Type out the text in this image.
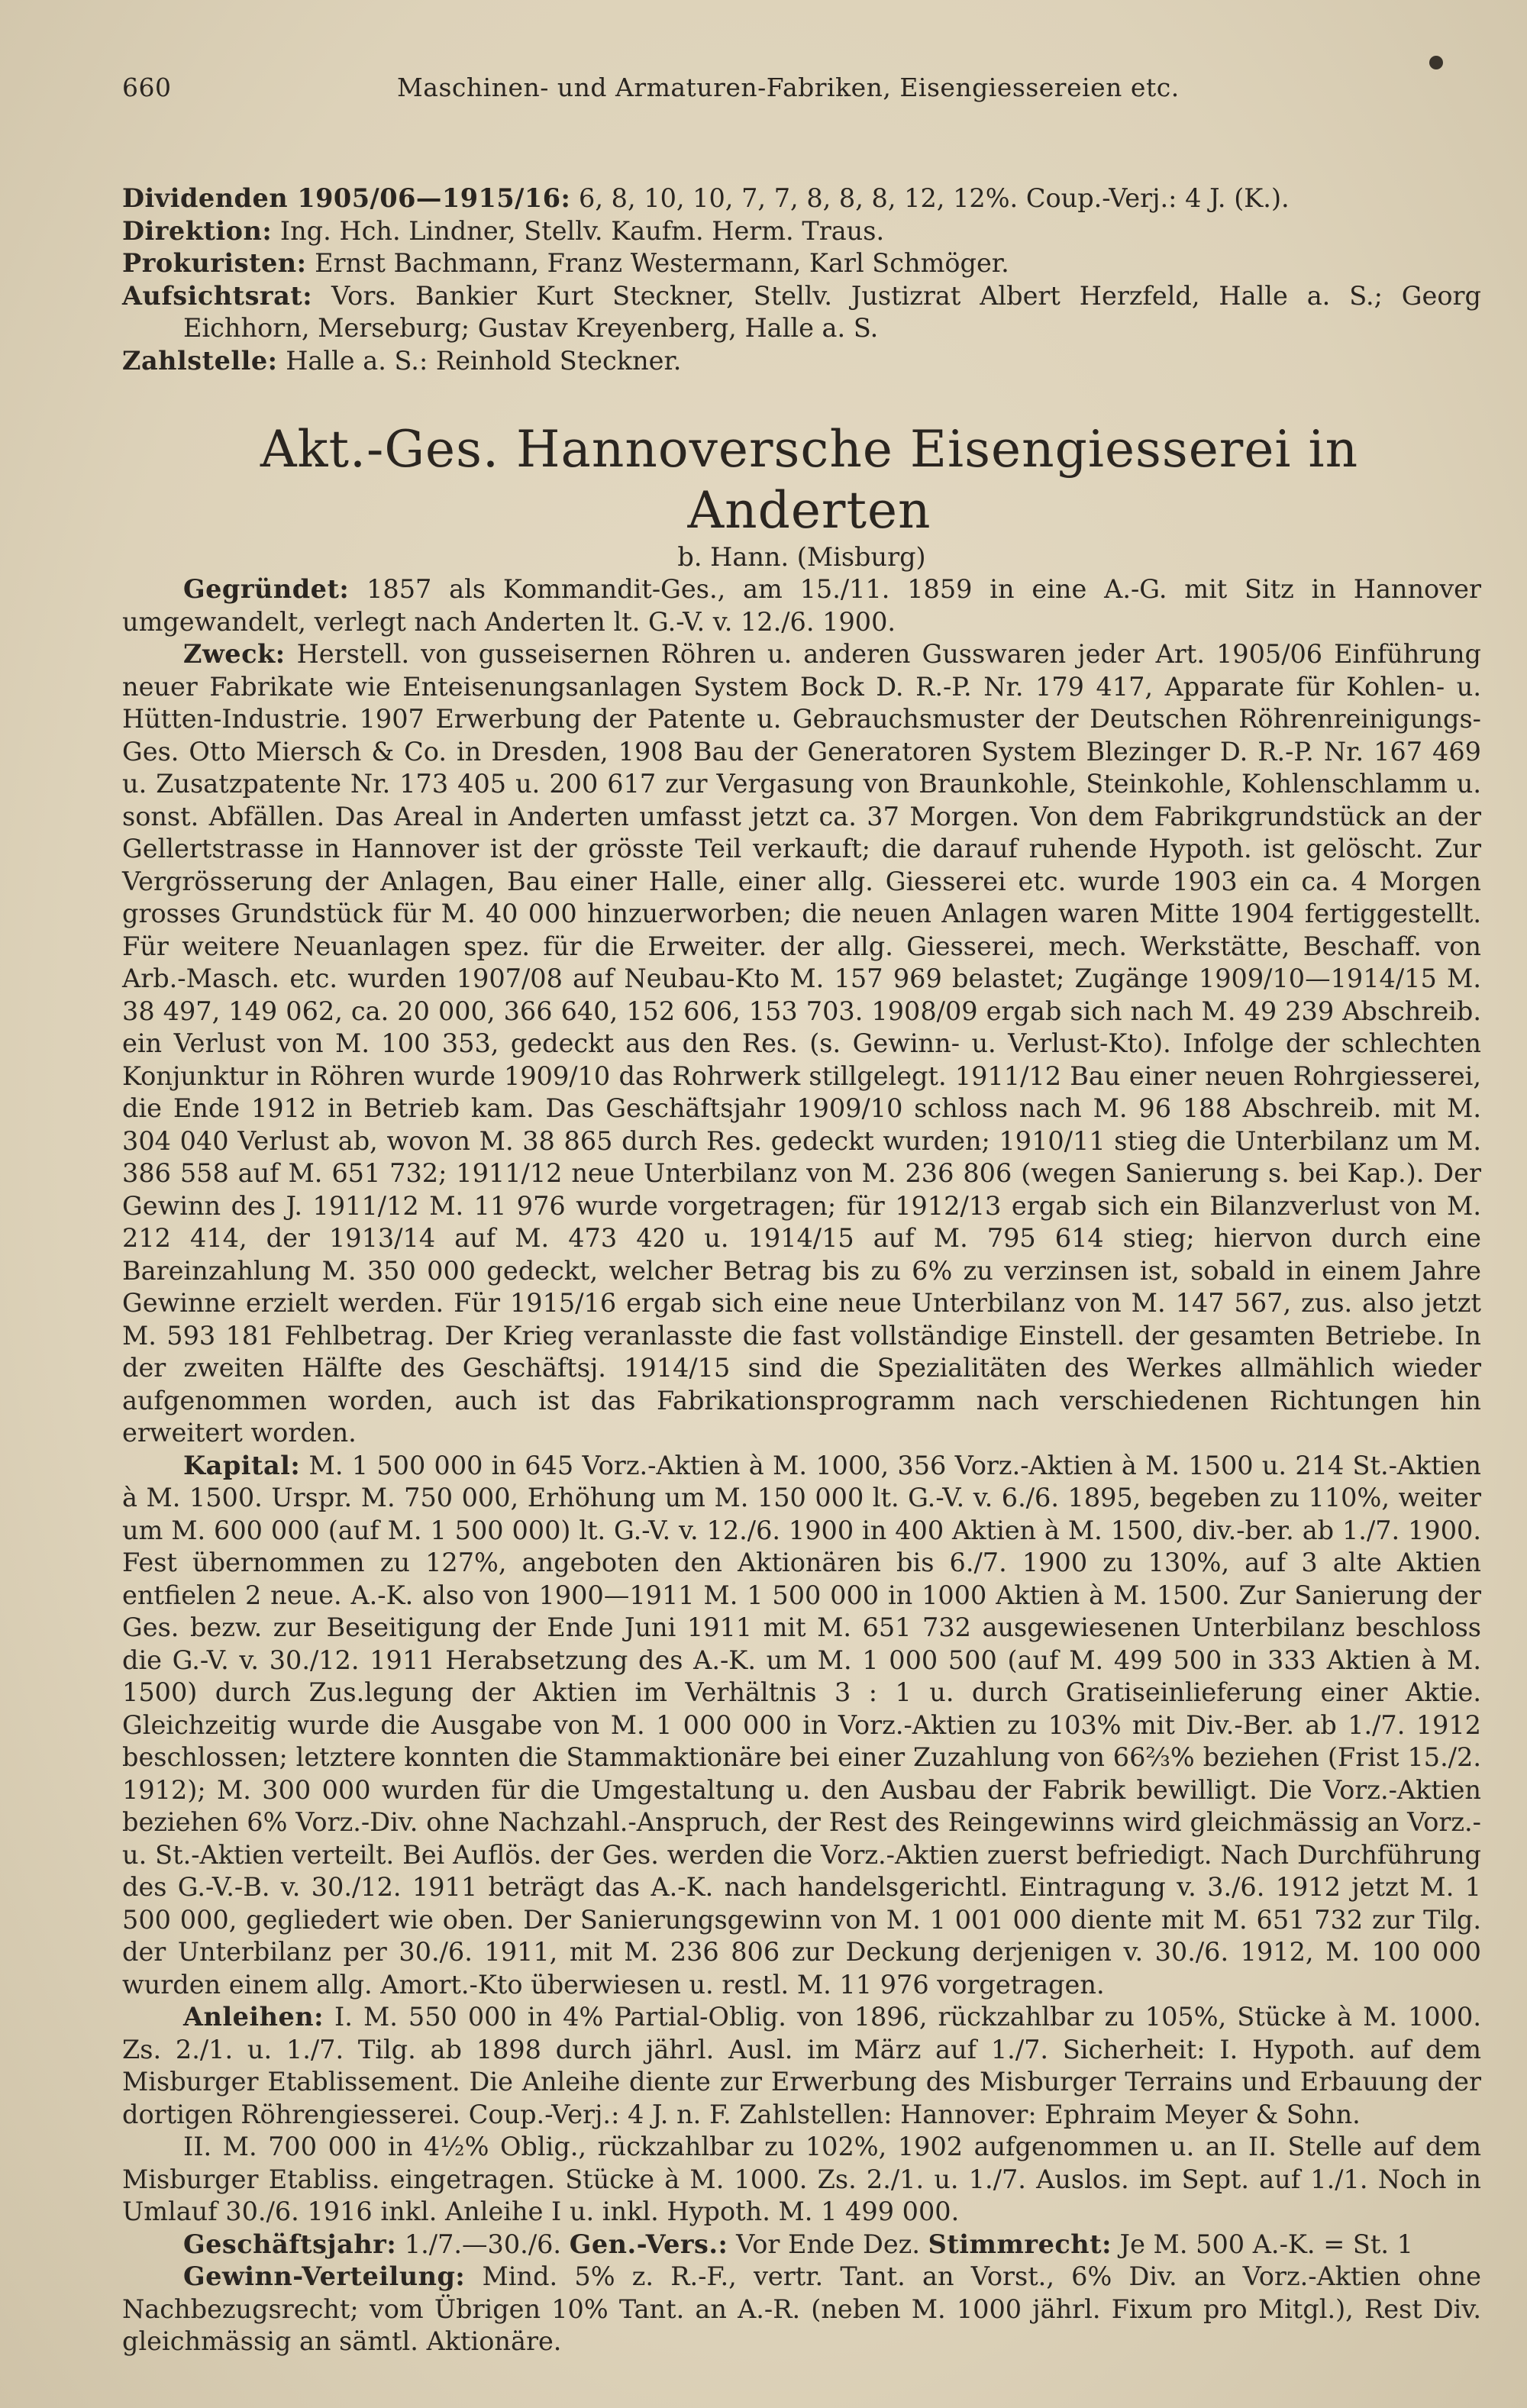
660	Maschinen- und Armaturen-Fabriken, Eisengiessereien etc.

Dividenden 1905/06—1915/16: 6, 8, 10, 10, 7, 7, 8, 8, 8, 12, 12%. Coup.-Verj.: 4 J. (K.).

Direktion: Ing. Hch. Lindner, Stellv. Kaufm. Herm. Traus.

Prokuristen: Ernst Bachmann, Franz Westermann, Karl Schmöger.

Aufsichtsrat: Vors. Bankier Kurt Steckner, Stellv. Justizrat Albert Herzfeld, Halle a. S.; Georg Eichhorn, Merseburg; Gustav Kreyenberg, Halle a. S.

Zahlstelle: Halle a. S.: Reinhold Steckner.

Akt.-Ges. Hannoversche Eisengiesserei in Anderten
b. Hann. (Misburg)

Gegründet: 1857 als Kommandit-Ges., am 15./11. 1859 in eine A.-G. mit Sitz in Hannover umgewandelt, verlegt nach Anderten lt. G.-V. v. 12./6. 1900.

Zweck: Herstell. von gusseisernen Röhren u. anderen Gusswaren jeder Art. 1905/06 Einführung neuer Fabrikate wie Enteisenungsanlagen System Bock D. R.-P. Nr. 179 417, Apparate für Kohlen- u. Hütten-Industrie. 1907 Erwerbung der Patente u. Gebrauchsmuster der Deutschen Röhrenreinigungs-Ges. Otto Miersch & Co. in Dresden, 1908 Bau der Generatoren System Blezinger D. R.-P. Nr. 167 469 u. Zusatzpatente Nr. 173 405 u. 200 617 zur Vergasung von Braunkohle, Steinkohle, Kohlenschlamm u. sonst. Abfällen. Das Areal in Anderten umfasst jetzt ca. 37 Morgen. Von dem Fabrikgrundstück an der Gellertstrasse in Hannover ist der grösste Teil verkauft; die darauf ruhende Hypoth. ist gelöscht. Zur Vergrösserung der Anlagen, Bau einer Halle, einer allg. Giesserei etc. wurde 1903 ein ca. 4 Morgen grosses Grundstück für M. 40 000 hinzuerworben; die neuen Anlagen waren Mitte 1904 fertiggestellt. Für weitere Neuanlagen spez. für die Erweiter. der allg. Giesserei, mech. Werkstätte, Beschaff. von Arb.-Masch. etc. wurden 1907/08 auf Neubau-Kto M. 157 969 belastet; Zugänge 1909/10—1914/15 M. 38 497, 149 062, ca. 20 000, 366 640, 152 606, 153 703. 1908/09 ergab sich nach M. 49 239 Abschreib. ein Verlust von M. 100 353, gedeckt aus den Res. (s. Gewinn- u. Verlust-Kto). Infolge der schlechten Konjunktur in Röhren wurde 1909/10 das Rohrwerk stillgelegt. 1911/12 Bau einer neuen Rohrgiesserei, die Ende 1912 in Betrieb kam. Das Geschäftsjahr 1909/10 schloss nach M. 96 188 Abschreib. mit M. 304 040 Verlust ab, wovon M. 38 865 durch Res. gedeckt wurden; 1910/11 stieg die Unterbilanz um M. 386 558 auf M. 651 732; 1911/12 neue Unterbilanz von M. 236 806 (wegen Sanierung s. bei Kap.). Der Gewinn des J. 1911/12 M. 11 976 wurde vorgetragen; für 1912/13 ergab sich ein Bilanzverlust von M. 212 414, der 1913/14 auf M. 473 420 u. 1914/15 auf M. 795 614 stieg; hiervon durch eine Bareinzahlung M. 350 000 gedeckt, welcher Betrag bis zu 6% zu verzinsen ist, sobald in einem Jahre Gewinne erzielt werden. Für 1915/16 ergab sich eine neue Unterbilanz von M. 147 567, zus. also jetzt M. 593 181 Fehlbetrag. Der Krieg veranlasste die fast vollständige Einstell. der gesamten Betriebe. In der zweiten Hälfte des Geschäftsj. 1914/15 sind die Spezialitäten des Werkes allmählich wieder aufgenommen worden, auch ist das Fabrikationsprogramm nach verschiedenen Richtungen hin erweitert worden.

Kapital: M. 1 500 000 in 645 Vorz.-Aktien à M. 1000, 356 Vorz.-Aktien à M. 1500 u. 214 St.-Aktien à M. 1500. Urspr. M. 750 000, Erhöhung um M. 150 000 lt. G.-V. v. 6./6. 1895, begeben zu 110%, weiter um M. 600 000 (auf M. 1 500 000) lt. G.-V. v. 12./6. 1900 in 400 Aktien à M. 1500, div.-ber. ab 1./7. 1900. Fest übernommen zu 127%, angeboten den Aktionären bis 6./7. 1900 zu 130%, auf 3 alte Aktien entfielen 2 neue. A.-K. also von 1900—1911 M. 1 500 000 in 1000 Aktien à M. 1500. Zur Sanierung der Ges. bezw. zur Beseitigung der Ende Juni 1911 mit M. 651 732 ausgewiesenen Unterbilanz beschloss die G.-V. v. 30./12. 1911 Herabsetzung des A.-K. um M. 1 000 500 (auf M. 499 500 in 333 Aktien à M. 1500) durch Zus.legung der Aktien im Verhältnis 3 : 1 u. durch Gratiseinlieferung einer Aktie. Gleichzeitig wurde die Ausgabe von M. 1 000 000 in Vorz.-Aktien zu 103% mit Div.-Ber. ab 1./7. 1912 beschlossen; letztere konnten die Stammaktionäre bei einer Zuzahlung von 66⅔% beziehen (Frist 15./2. 1912); M. 300 000 wurden für die Umgestaltung u. den Ausbau der Fabrik bewilligt. Die Vorz.-Aktien beziehen 6% Vorz.-Div. ohne Nachzahl.-Anspruch, der Rest des Reingewinns wird gleichmässig an Vorz.- u. St.-Aktien verteilt. Bei Auflös. der Ges. werden die Vorz.-Aktien zuerst befriedigt. Nach Durchführung des G.-V.-B. v. 30./12. 1911 beträgt das A.-K. nach handelsgerichtl. Eintragung v. 3./6. 1912 jetzt M. 1 500 000, gegliedert wie oben. Der Sanierungsgewinn von M. 1 001 000 diente mit M. 651 732 zur Tilg. der Unterbilanz per 30./6. 1911, mit M. 236 806 zur Deckung derjenigen v. 30./6. 1912, M. 100 000 wurden einem allg. Amort.-Kto überwiesen u. restl. M. 11 976 vorgetragen.

Anleihen: I. M. 550 000 in 4% Partial-Oblig. von 1896, rückzahlbar zu 105%, Stücke à M. 1000. Zs. 2./1. u. 1./7. Tilg. ab 1898 durch jährl. Ausl. im März auf 1./7. Sicherheit: I. Hypoth. auf dem Misburger Etablissement. Die Anleihe diente zur Erwerbung des Misburger Terrains und Erbauung der dortigen Röhrengiesserei. Coup.-Verj.: 4 J. n. F. Zahlstellen: Hannover: Ephraim Meyer & Sohn.

II. M. 700 000 in 4½% Oblig., rückzahlbar zu 102%, 1902 aufgenommen u. an II. Stelle auf dem Misburger Etabliss. eingetragen. Stücke à M. 1000. Zs. 2./1. u. 1./7. Auslos. im Sept. auf 1./1. Noch in Umlauf 30./6. 1916 inkl. Anleihe I u. inkl. Hypoth. M. 1 499 000.

Geschäftsjahr: 1./7.—30./6. Gen.-Vers.: Vor Ende Dez. Stimmrecht: Je M. 500 A.-K. = St. 1

Gewinn-Verteilung: Mind. 5% z. R.-F., vertr. Tant. an Vorst., 6% Div. an Vorz.-Aktien ohne Nachbezugsrecht; vom Übrigen 10% Tant. an A.-R. (neben M. 1000 jährl. Fixum pro Mitgl.), Rest Div. gleichmässig an sämtl. Aktionäre.
